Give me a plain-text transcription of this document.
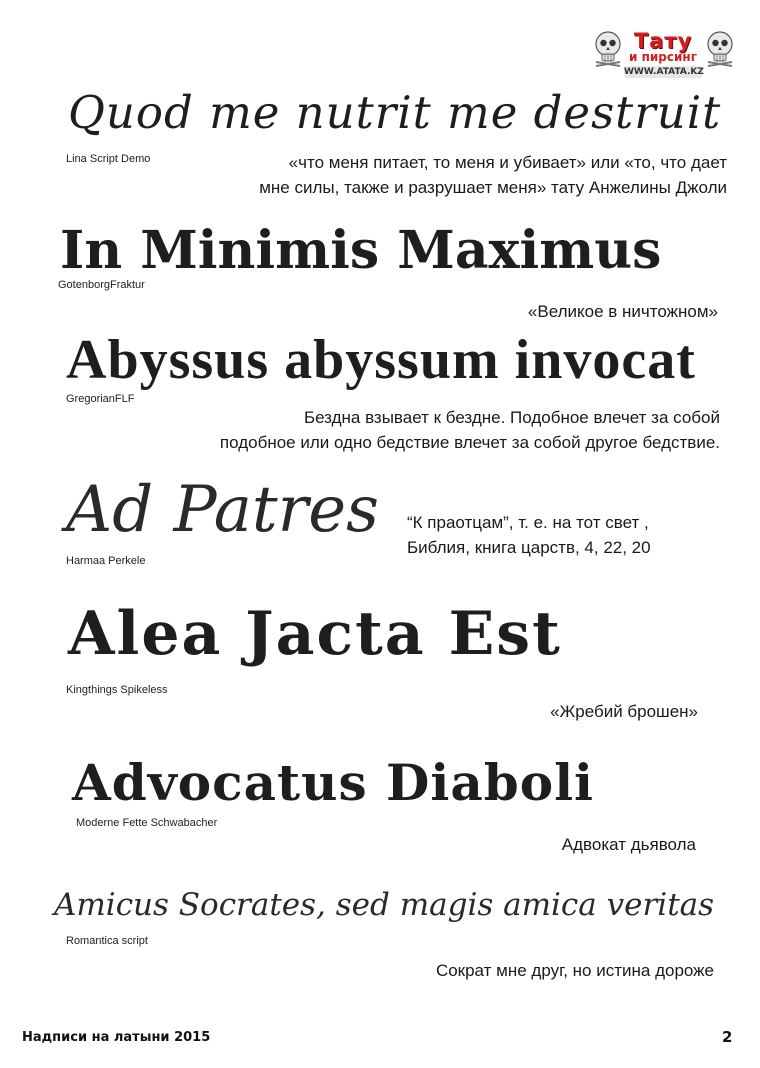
Тату
и пирсинг
WWW.ATATA.KZ
Quod me nutrit me destruit
Lina Script Demo	«что меня питает, то меня и убивает» или «то, что дает
мне силы, также и разрушает меня» тату Анжелины Джоли
In Minimis Maximus
GotenborgFraktur
«Великое в ничтожном»
Abyssus abyssum invocat
GregorianFLF
Бездна взывает к бездне. Подобное влечет за собой
подобное или одно бедствие влечет за собой другое бедствие.
Ad Patres
Harmaa Perkele
“К праотцам”, т. е. на тот свет ,
Библия, книга царств, 4, 22, 20
Alea Jacta Est
Kingthings Spikeless
«Жребий брошен»
Advocatus Diaboli
Moderne Fette Schwabacher
Адвокат дьявола
Amicus Socrates, sed magis amica veritas
Romantica script
Сократ мне друг, но истина дороже
Надписи на латыни 2015	2
